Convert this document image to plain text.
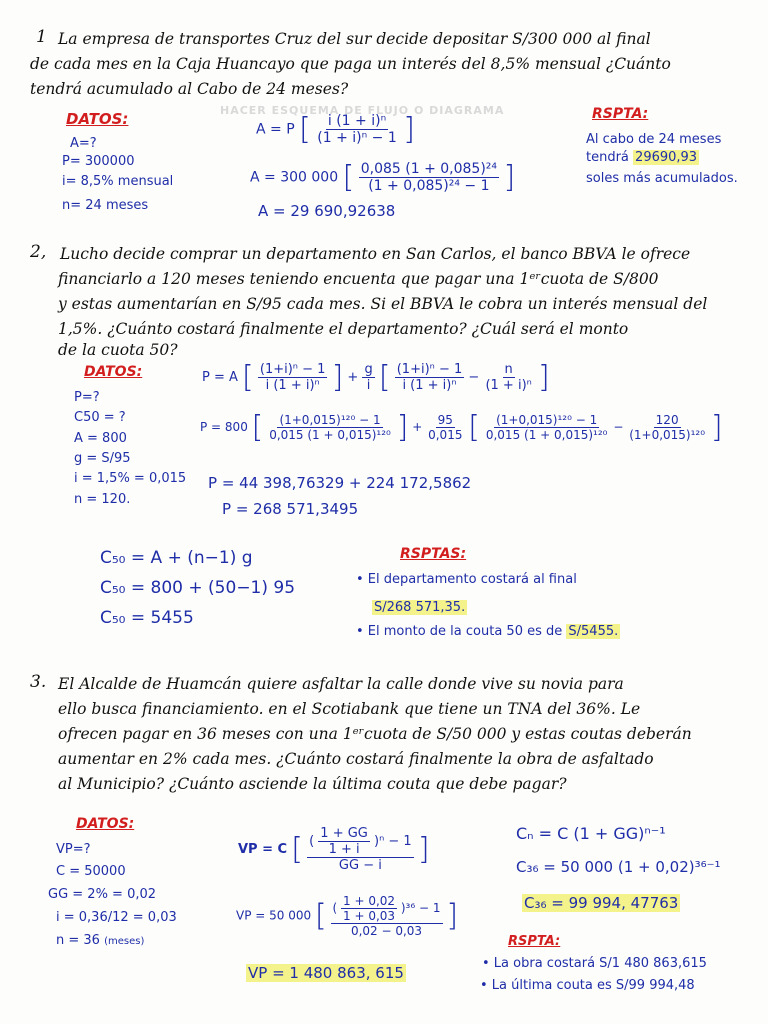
1 La empresa de transportes Cruz del sur decide depositar S/300 000 al final
de cada mes en la Caja Huancayo que paga un interés del 8,5% mensual ¿Cuánto
tendrá acumulado al Cabo de 24 meses?
HACER ESQUEMA DE FLUJO O DIAGRAMA
DATOS:
A=?
P= 300000
i= 8,5% mensual
n= 24 meses
A = P [ $\frac{\text{i (1 + i)ⁿ}}{\text{(1 + i)ⁿ − 1}}$ ]
A = 300 000 [ $\frac{\text{0,085 (1 + 0,085)²⁴}}{\text{(1 + 0,085)²⁴ − 1}}$ ]
A = 29 690,92638
RSPTA:
Al cabo de 24 meses
tendrá 29690,93
soles más acumulados.
2, Lucho decide comprar un departamento en San Carlos, el banco BBVA le ofrece
financiarlo a 120 meses teniendo encuenta que pagar una 1ᵉʳcuota de S/800
y estas aumentarían en S/95 cada mes. Si el BBVA le cobra un interés mensual del
1,5%. ¿Cuánto costará finalmente el departamento? ¿Cuál será el monto
de la cuota 50?
DATOS:
P=?
C50 = ?
A = 800
g = S/95
i = 1,5% = 0,015
n = 120.
P = A [ $\frac{\text{(1+i)ⁿ − 1}}{\text{i (1 + i)ⁿ}}$ ] + $\frac{g}{i}$ [ $\frac{\text{(1+i)ⁿ − 1}}{\text{i (1 + i)ⁿ}} - \frac{n}{\text{(1 + i)ⁿ}}$ ]
P = 800 [ $\frac{\text{(1+0,015)¹²⁰ − 1}}{\text{0,015 (1 + 0,015)¹²⁰}}$ ] + $\frac{95}{0,015}$ [ $\frac{\text{(1+0,015)¹²⁰ − 1}}{\text{0,015 (1 + 0,015)¹²⁰}} - \frac{120}{\text{(1+0,015)¹²⁰}}$ ]
P = 44 398,76329 + 224 172,5862
P = 268 571,3495
C₅₀ = A + (n−1) g
C₅₀ = 800 + (50−1) 95
C₅₀ = 5455
RSPTAS:
• El departamento costará al final
S/268 571,35.
• El monto de la couta 50 es de S/5455.
3. El Alcalde de Huamcán quiere asfaltar la calle donde vive su novia para
ello busca financiamiento. en el Scotiabank que tiene un TNA del 36%. Le
ofrecen pagar en 36 meses con una 1ᵉʳcuota de S/50 000 y estas coutas deberán
aumentar en 2% cada mes. ¿Cuánto costará finalmente la obra de asfaltado
al Municipio? ¿Cuánto asciende la última couta que debe pagar?
DATOS:
VP=?
C = 50000
GG = 2% = 0,02
i = 0,36/12 = 0,03
n = 36 (meses)
VP = C [ $\frac{( \frac{1 + GG}{1 + i} )^n - 1}{GG - i}$ ]
VP = 50 000 [ $\frac{( \frac{1 + 0,02}{1 + 0,03} )^{36} - 1}{0,02 - 0,03}$ ]
VP = 1 480 863, 615
Cₙ = C (1 + GG)ⁿ⁻¹
C₃₆ = 50 000 (1 + 0,02)³⁶⁻¹
C₃₆ = 99 994, 47763
RSPTA:
• La obra costará S/1 480 863,615
• La última couta es S/99 994,48
